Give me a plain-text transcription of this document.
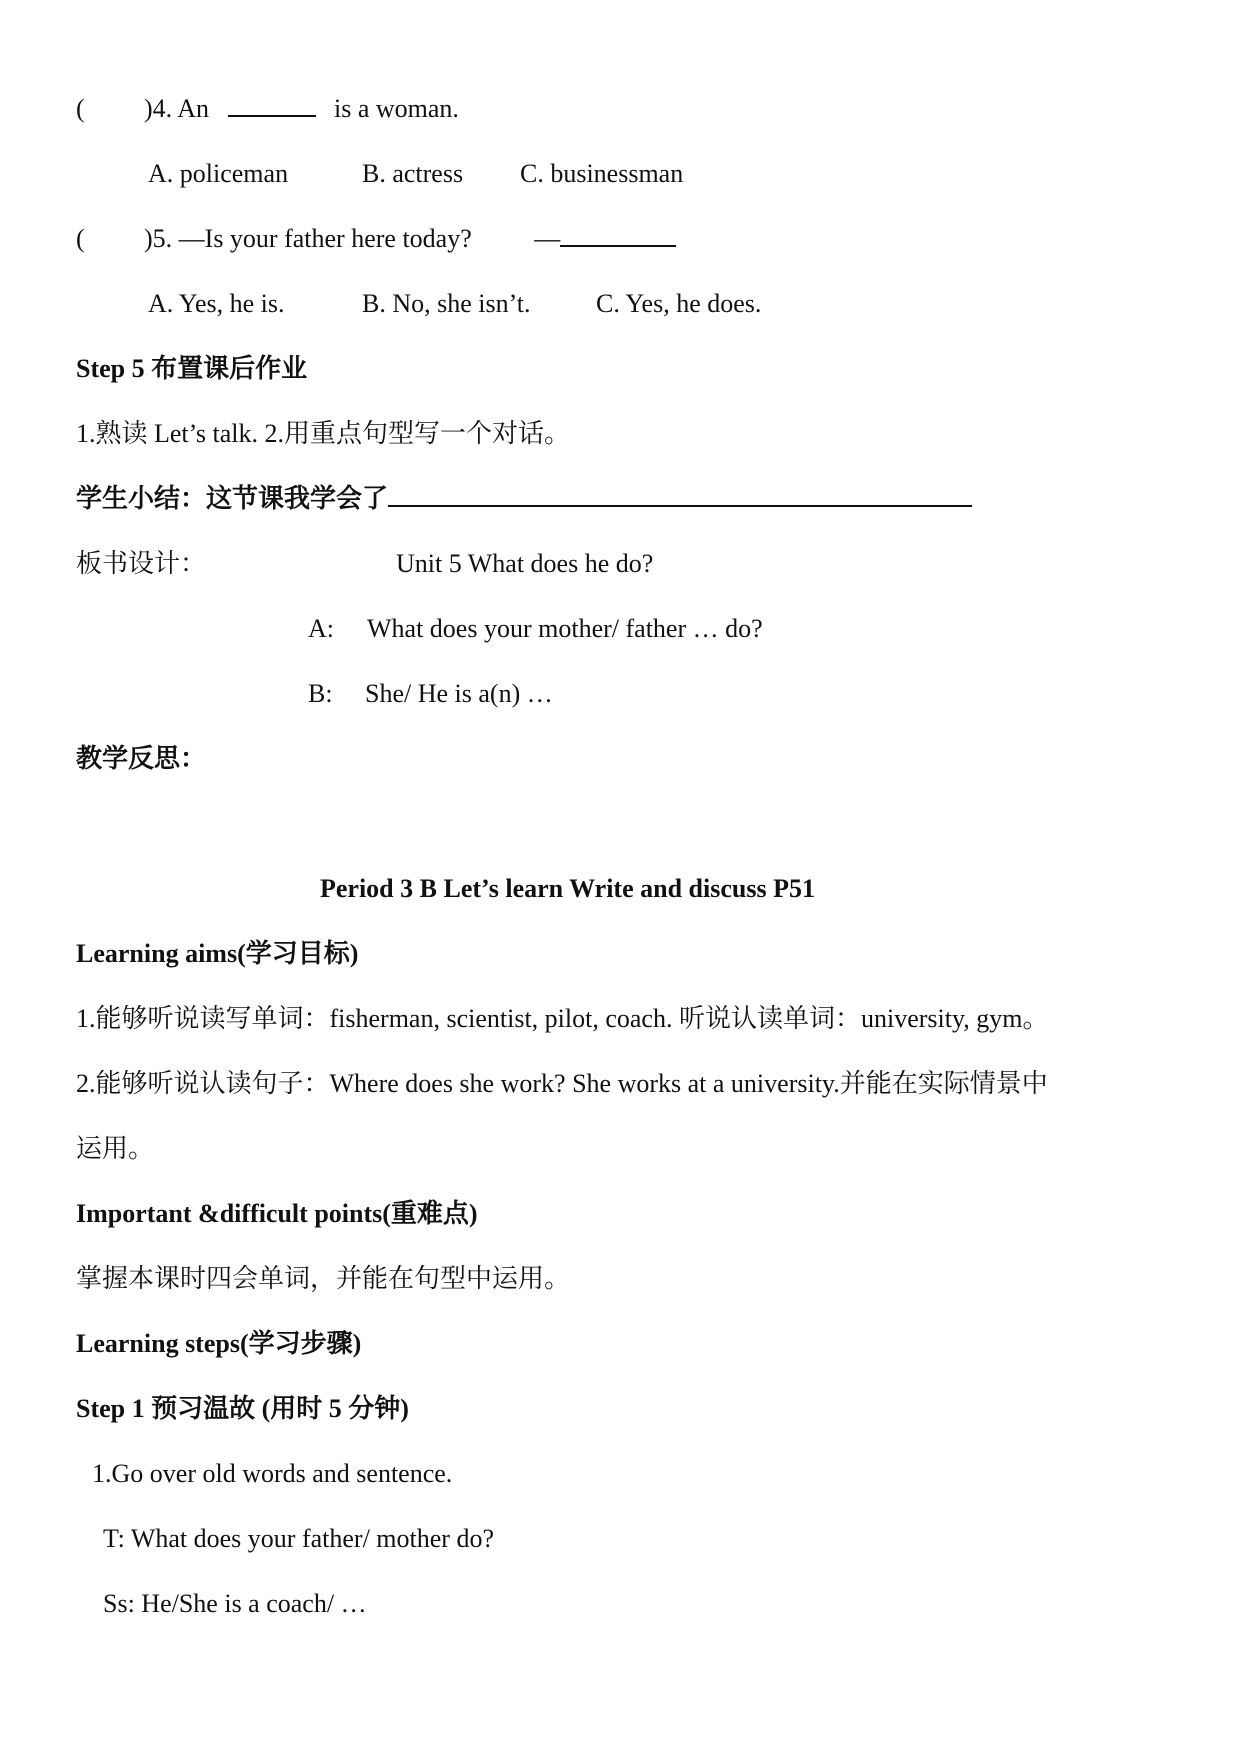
( )4. An	is a woman.
A. policeman	B. actress C. businessman
( )5. —Is your father here today? —
A. Yes, he is.	B. No, she isn’t.	C. Yes, he does.
Step 5 布置课后作业
1.熟读 Let’s talk. 2.用重点句型写一个对话。
学生小结：这节课我学会了
板书设计：	Unit 5 What does he do?
A: What does your mother/ father … do?
B: She/ He is a(n) …
教学反思：
Period 3 B Let’s learn Write and discuss P51
Learning aims(学习目标)
1.能够听说读写单词：fisherman, scientist, pilot, coach. 听说认读单词：university, gym。
2.能够听说认读句子：Where does she work? She works at a university.并能在实际情景中
运用。
Important &difficult points(重难点)
掌握本课时四会单词，并能在句型中运用。
Learning steps(学习步骤)
Step 1 预习温故 (用时 5 分钟)
1.Go over old words and sentence.
T: What does your father/ mother do?
Ss: He/She is a coach/ …
